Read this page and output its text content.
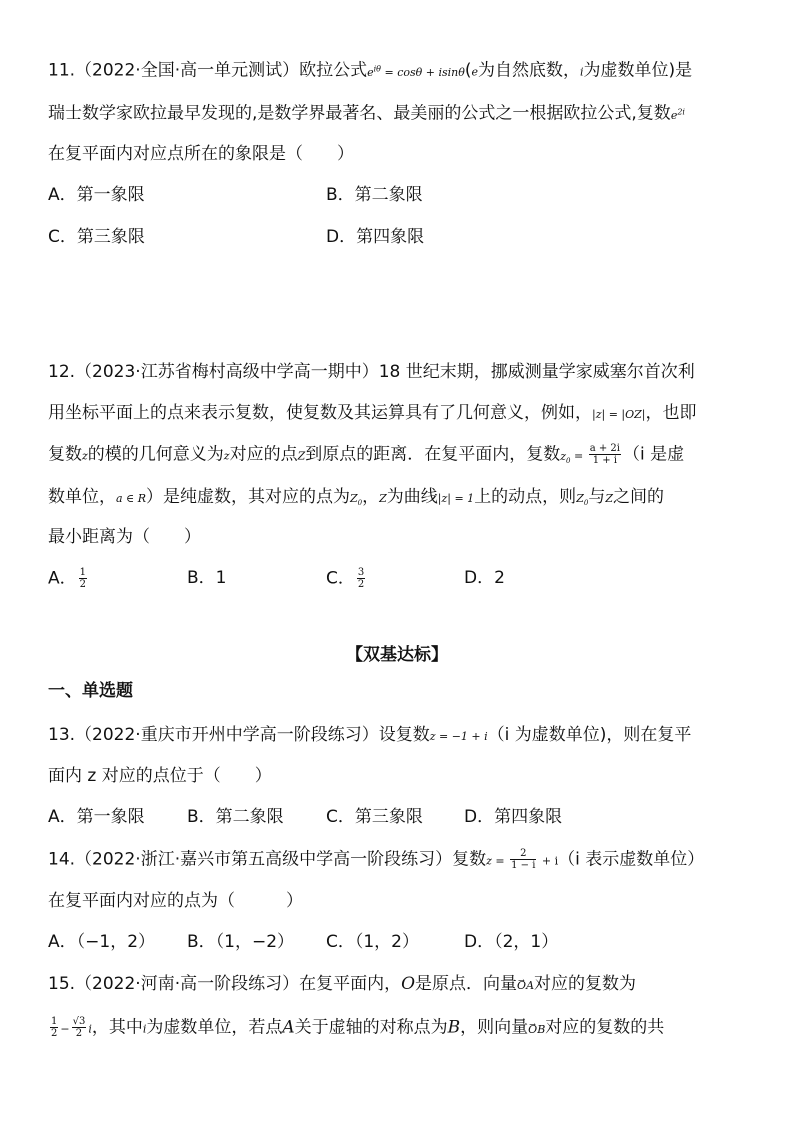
11.（2022·全国·高一单元测试）欧拉公式$e^{i\theta} = \cos\theta + isin\theta(e$为自然底数，i为虚数单位)是
瑞士数学家欧拉最早发现的,是数学界最著名、最美丽的公式之一根据欧拉公式,复数$e^{2i}$
在复平面内对应点所在的象限是（　　）
A．第一象限	B．第二象限
C．第三象限	D．第四象限
12.（2023·江苏省梅村高级中学高一期中）18 世纪末期，挪威测量学家威塞尔首次利
用坐标平面上的点来表示复数，使复数及其运算具有了几何意义，例如，|z| = |OZ|，也即
复数z的模的几何意义为z对应的点Z到原点的距离．在复平面内，复数$z_0 = \frac{a + 2i}{1 + i} (i$ 是虚
数单位，a ∈ R）是纯虚数，其对应的点为$Z_0$，Z为曲线|z| = 1上的动点，则$Z_0$与Z之间的
最小距离为（　　）
A． $\frac{1}{2}$	B．1	C． $\frac{3}{2}$	D．2
【双基达标】
一、单选题
13.（2022·重庆市开州中学高一阶段练习）设复数z = −1 + i（i 为虚数单位)，则在复平
面内 z 对应的点位于（　　）
A．第一象限 B．第二象限 C．第三象限 D．第四象限
14.（2022·浙江·嘉兴市第五高级中学高一阶段练习）复数$z = \frac{2}{1 - i} + i(i$ 表示虚数单位）
在复平面内对应的点为（　　　）
A．（−1，2） B．（1，−2） C．（1，2）	D．（2，1）
15.（2022·河南·高一阶段练习）在复平面内，O是原点．向量→ OA对应的复数为
$\frac{1}{2} - \frac{√3}{2}$ i，其中i为虚数单位，若点A关于虚轴的对称点为B，则向量→ OB对应的复数的共
